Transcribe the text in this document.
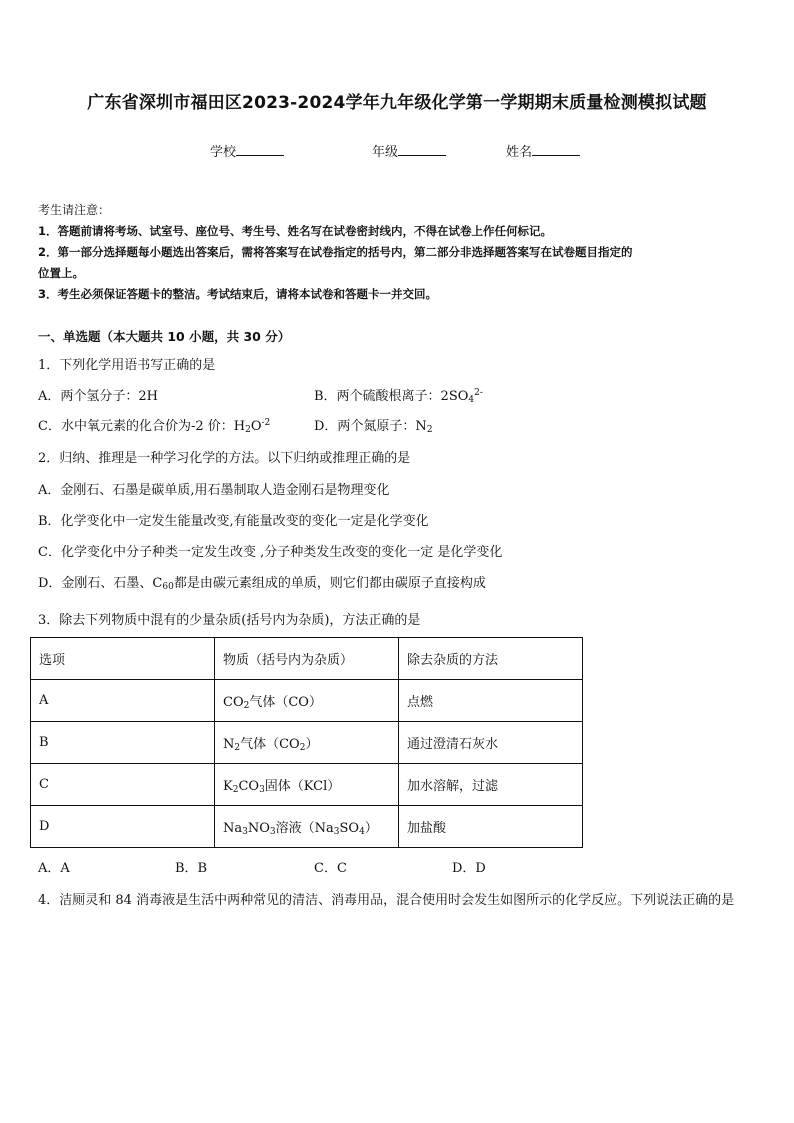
广东省深圳市福田区2023-2024学年九年级化学第一学期期末质量检测模拟试题
学校	年级	姓名
考生请注意：
1．答题前请将考场、试室号、座位号、考生号、姓名写在试卷密封线内，不得在试卷上作任何标记。
2．第一部分选择题每小题选出答案后，需将答案写在试卷指定的括号内，第二部分非选择题答案写在试卷题目指定的
位置上。
3．考生必须保证答题卡的整洁。考试结束后，请将本试卷和答题卡一并交回。
一、单选题（本大题共 10 小题，共 30 分）
1．下列化学用语书写正确的是
A．两个氢分子：2H	B．两个硫酸根离子：$2SO_4^{2-}$
C．水中氧元素的化合价为-2 价：$H_2O^{-2}$	D．两个氮原子：$N_2$
2．归纳、推理是一种学习化学的方法。以下归纳或推理正确的是
A．金刚石、石墨是碳单质,用石墨制取人造金刚石是物理变化
B．化学变化中一定发生能量改变,有能量改变的变化一定是化学变化
C．化学变化中分子种类一定发生改变 ,分子种类发生改变的变化一定 是化学变化
D．金刚石、石墨、$C_{60}$都是由碳元素组成的单质，则它们都由碳原子直接构成
3．除去下列物质中混有的少量杂质(括号内为杂质)，方法正确的是
选项	物质（括号内为杂质）	除去杂质的方法
A	$CO_2$气体（CO）	点燃
B	$N_2$气体$(CO_2)$	通过澄清石灰水
C	$K_2CO_3$固体（KCl）	加水溶解，过滤
D	$Na_3NO_3$溶液$(Na_3SO_4)$	加盐酸
A．A	B．B	C．C	D．D
4．洁厕灵和 84 消毒液是生活中两种常见的清洁、消毒用品，混合使用时会发生如图所示的化学反应。下列说法正确的是
